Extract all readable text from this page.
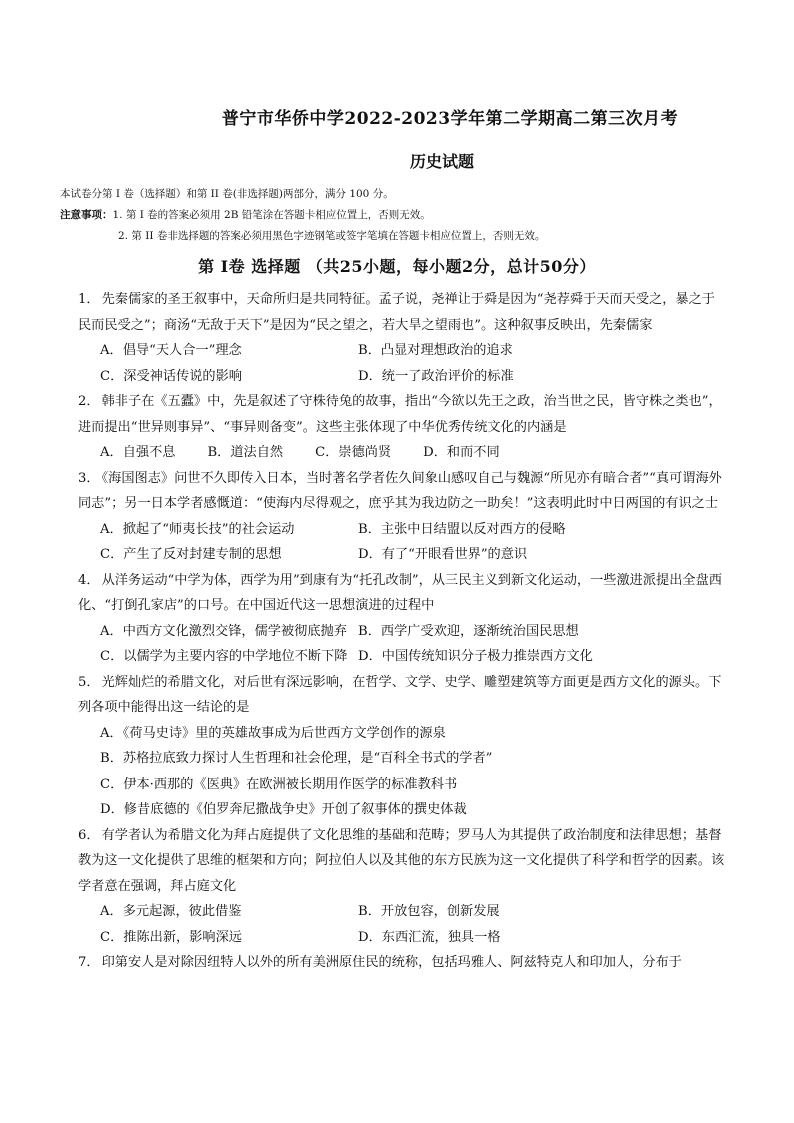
普宁市华侨中学2022-2023学年第二学期高二第三次月考
历史试题
本试卷分第 I 卷（选择题）和第 II 卷(非选择题)两部分，满分 100 分。
注意事项：1. 第 I 卷的答案必须用 2B 铅笔涂在答题卡相应位置上，否则无效。
2. 第 II 卷非选择题的答案必须用黑色字迹钢笔或签字笔填在答题卡相应位置上，否则无效。
第 Ⅰ卷 选择题 （共25小题，每小题2分，总计50分）
1． 先秦儒家的圣王叙事中，天命所归是共同特征。孟子说，尧禅让于舜是因为“尧荐舜于天而天受之，暴之于民而民受之”；商汤“无敌于天下”是因为“民之望之，若大旱之望雨也”。这种叙事反映出，先秦儒家
A．倡导“天人合一”理念	B．凸显对理想政治的追求
C．深受神话传说的影响	D．统一了政治评价的标准
2． 韩非子在《五蠹》中，先是叙述了守株待兔的故事，指出“今欲以先王之政，治当世之民，皆守株之类也”，进而提出“世异则事异”、“事异则备变”。这些主张体现了中华优秀传统文化的内涵是
A．自强不息 B．道法自然 C．崇德尚贤 D．和而不同
3． 《海国图志》问世不久即传入日本，当时著名学者佐久间象山感叹自己与魏源“所见亦有暗合者”“真可谓海外同志”；另一日本学者感慨道：“使海内尽得观之，庶乎其为我边防之一助矣！”这表明此时中日两国的有识之士
A．掀起了“师夷长技”的社会运动	B．主张中日结盟以反对西方的侵略
C．产生了反对封建专制的思想	D．有了“开眼看世界”的意识
4． 从洋务运动“中学为体，西学为用”到康有为“托孔改制”，从三民主义到新文化运动，一些激进派提出全盘西化、“打倒孔家店”的口号。在中国近代这一思想演进的过程中
A．中西方文化激烈交锋，儒学被彻底抛弃 B．西学广受欢迎，逐渐统治国民思想
C．以儒学为主要内容的中学地位不断下降 D．中国传统知识分子极力推崇西方文化
5． 光辉灿烂的希腊文化，对后世有深远影响，在哲学、文学、史学、雕塑建筑等方面更是西方文化的源头。下列各项中能得出这一结论的是
A．《荷马史诗》里的英雄故事成为后世西方文学创作的源泉
B．苏格拉底致力探讨人生哲理和社会伦理，是“百科全书式的学者”
C．伊本·西那的《医典》在欧洲被长期用作医学的标准教科书
D．修昔底德的《伯罗奔尼撒战争史》开创了叙事体的撰史体裁
6． 有学者认为希腊文化为拜占庭提供了文化思维的基础和范畴；罗马人为其提供了政治制度和法律思想；基督教为这一文化提供了思维的框架和方向；阿拉伯人以及其他的东方民族为这一文化提供了科学和哲学的因素。该学者意在强调，拜占庭文化
A．多元起源，彼此借鉴	B．开放包容，创新发展
C．推陈出新，影响深远	D．东西汇流，独具一格
7． 印第安人是对除因纽特人以外的所有美洲原住民的统称，包括玛雅人、阿兹特克人和印加人，分布于
